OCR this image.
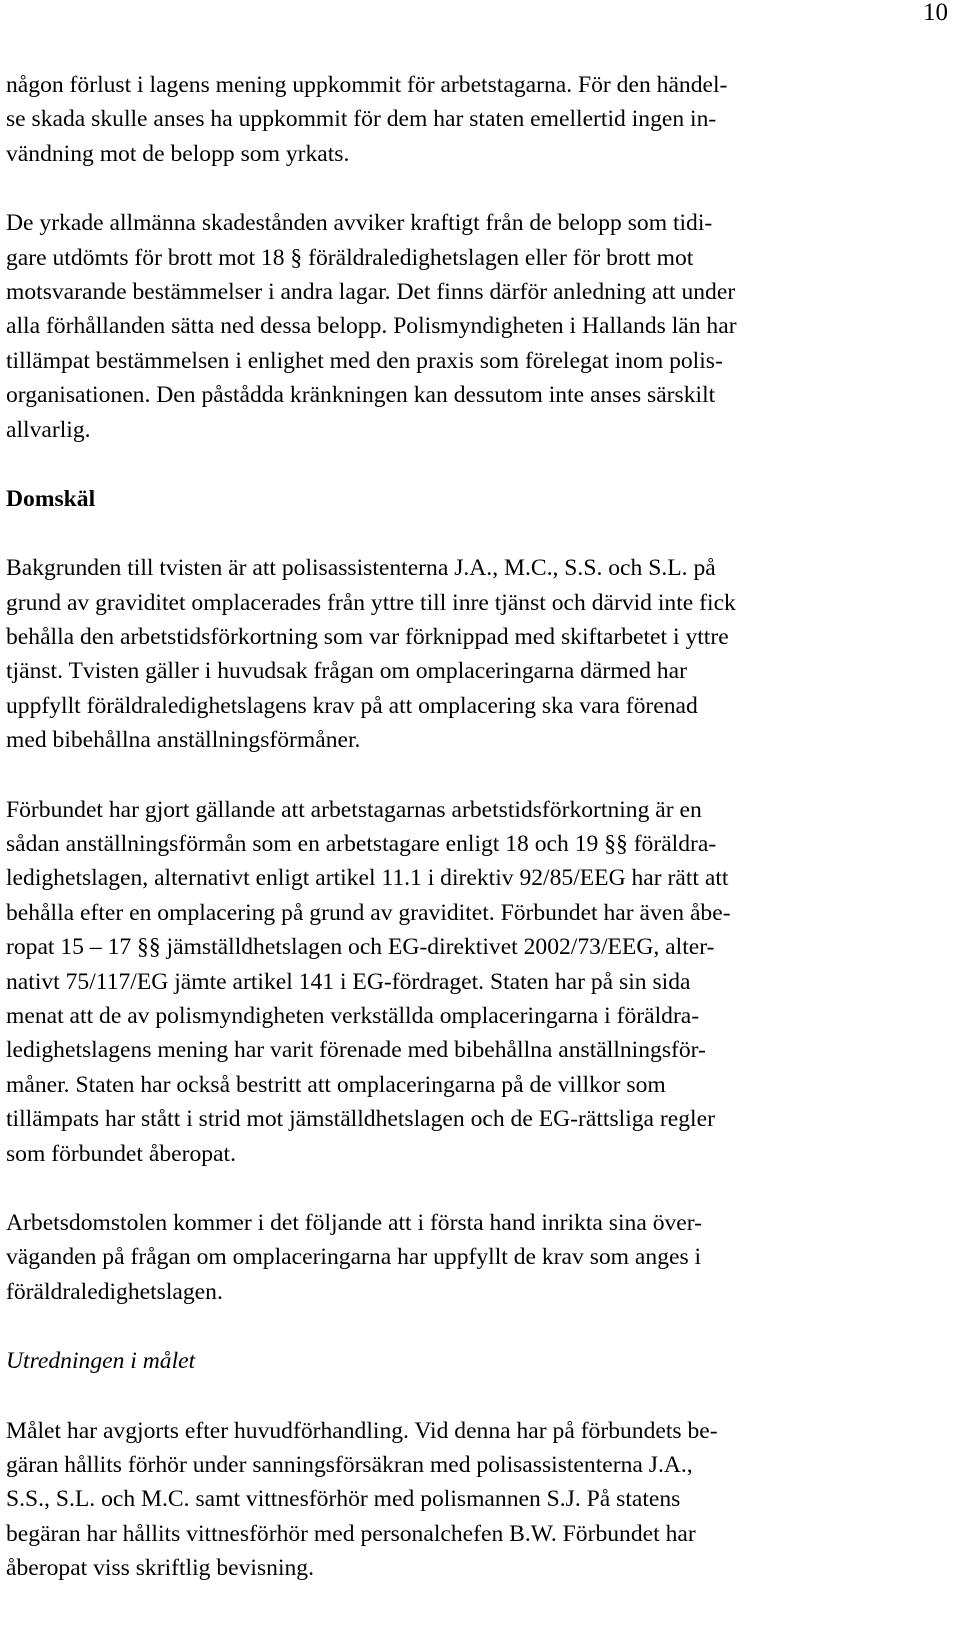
10
någon förlust i lagens mening uppkommit för arbetstagarna. För den händel-
se skada skulle anses ha uppkommit för dem har staten emellertid ingen in-
vändning mot de belopp som yrkats.
De yrkade allmänna skadestånden avviker kraftigt från de belopp som tidi-
gare utdömts för brott mot 18 § föräldraledighetslagen eller för brott mot
motsvarande bestämmelser i andra lagar. Det finns därför anledning att under
alla förhållanden sätta ned dessa belopp. Polismyndigheten i Hallands län har
tillämpat bestämmelsen i enlighet med den praxis som förelegat inom polis-
organisationen. Den påstådda kränkningen kan dessutom inte anses särskilt
allvarlig.
Domskäl
Bakgrunden till tvisten är att polisassistenterna J.A., M.C., S.S. och S.L. på
grund av graviditet omplacerades från yttre till inre tjänst och därvid inte fick
behålla den arbetstidsförkortning som var förknippad med skiftarbetet i yttre
tjänst. Tvisten gäller i huvudsak frågan om omplaceringarna därmed har
uppfyllt föräldraledighetslagens krav på att omplacering ska vara förenad
med bibehållna anställningsförmåner.
Förbundet har gjort gällande att arbetstagarnas arbetstidsförkortning är en
sådan anställningsförmån som en arbetstagare enligt 18 och 19 §§ föräldra-
ledighetslagen, alternativt enligt artikel 11.1 i direktiv 92/85/EEG har rätt att
behålla efter en omplacering på grund av graviditet. Förbundet har även åbe-
ropat 15 – 17 §§ jämställdhetslagen och EG-direktivet 2002/73/EEG, alter-
nativt 75/117/EG jämte artikel 141 i EG-fördraget. Staten har på sin sida
menat att de av polismyndigheten verkställda omplaceringarna i föräldra-
ledighetslagens mening har varit förenade med bibehållna anställningsför-
måner. Staten har också bestritt att omplaceringarna på de villkor som
tillämpats har stått i strid mot jämställdhetslagen och de EG-rättsliga regler
som förbundet åberopat.
Arbetsdomstolen kommer i det följande att i första hand inrikta sina över-
väganden på frågan om omplaceringarna har uppfyllt de krav som anges i
föräldraledighetslagen.
Utredningen i målet
Målet har avgjorts efter huvudförhandling. Vid denna har på förbundets be-
gäran hållits förhör under sanningsförsäkran med polisassistenterna J.A.,
S.S., S.L. och M.C. samt vittnesförhör med polismannen S.J. På statens
begäran har hållits vittnesförhör med personalchefen B.W. Förbundet har
åberopat viss skriftlig bevisning.
